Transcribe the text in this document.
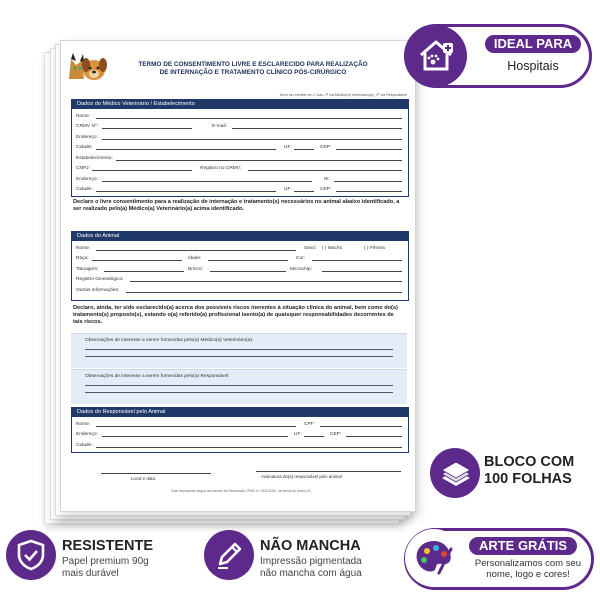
TERMO DE CONSENTIMENTO LIVRE E ESCLARECIDO PARA REALIZAÇÃO
DE INTERNAÇÃO E TRATAMENTO CLÍNICO PÓS-CIRÚRGICO
Deve ser emitido em 2 vias: 1ª via Médico(a) Veterinário(a) | 2ª via Responsável
Dados do Médico Veterinário / Estabelecimento
Nome:
CRMV Nº:	E-mail:
Endereço:
Cidade:	UF:	CEP:
Estabelecimento:
CNPJ:	Registro no CRMV:
Endereço:	IE:
Cidade:	UF:	CEP:
Declaro o livre consentimento para a realização de internação e tratamento(s) necessários no animal abaixo identificado, a ser realizado pelo(a) Médico(a) Veterinário(a) acima identificado.
Dados do Animal
Nome:	Sexo: ( ) Macho	( ) Fêmea
Raça:	Idade:	Cor:
Tatuagem:	Brinco:	Microchip:
Registro Genealógico:
Outras informações:
Declaro, ainda, ter sido esclarecido(a) acerca dos possíveis riscos inerentes à situação clínica do animal, bem como do(s) tratamento(s) proposto(s), estando o(a) referido(a) profissional isento(a) de quaisquer responsabilidades decorrentes de tais riscos.
Observações de interesse a serem fornecidas pelo(a) Médico(a) Veterinário(a):
Observações de interesse a serem fornecidas pelo(a) Responsável:
Dados do Responsável pelo Animal
Nome:	CPF:
Endereço:	UF:	CEP:
Cidade:
Local e data	Assinatura do(a) responsável pelo animal
Este documento segue as normas da Resolução CFMV nº 1321/2020, na forma do Anexo XI
IDEAL PARA
Hospitais
BLOCO COM
100 FOLHAS
RESISTENTE
Papel premium 90g
mais durável
NÃO MANCHA
Impressão pigmentada
não mancha com água
ARTE GRÁTIS
Personalizamos com seu nome, logo e cores!
